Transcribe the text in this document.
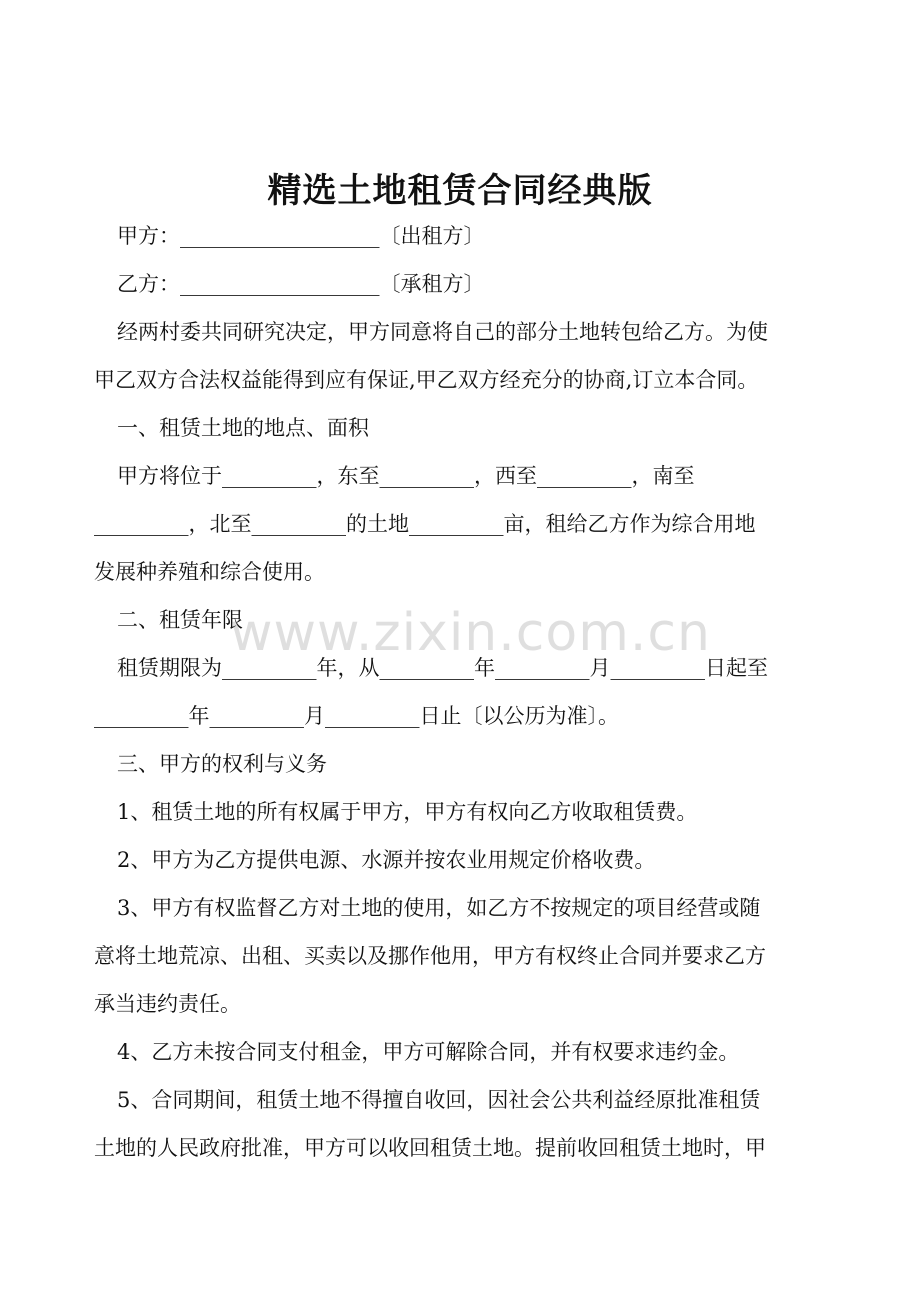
精选土地租赁合同经典版
甲方：___________________〔出租方〕
乙方：___________________〔承租方〕
经两村委共同研究决定，甲方同意将自己的部分土地转包给乙方。为使
甲乙双方合法权益能得到应有保证,甲乙双方经充分的协商,订立本合同。
一、租赁土地的地点、面积
甲方将位于_________，东至_________，西至_________，南至
_________，北至_________的土地_________亩，租给乙方作为综合用地
发展种养殖和综合使用。
二、租赁年限
租赁期限为_________年，从_________年_________月_________日起至
_________年_________月_________日止〔以公历为准〕。
三、甲方的权利与义务
1、租赁土地的所有权属于甲方，甲方有权向乙方收取租赁费。
2、甲方为乙方提供电源、水源并按农业用规定价格收费。
3、甲方有权监督乙方对土地的使用，如乙方不按规定的项目经营或随
意将土地荒凉、出租、买卖以及挪作他用，甲方有权终止合同并要求乙方
承当违约责任。
4、乙方未按合同支付租金，甲方可解除合同，并有权要求违约金。
5、合同期间，租赁土地不得擅自收回，因社会公共利益经原批准租赁
土地的人民政府批准，甲方可以收回租赁土地。提前收回租赁土地时，甲
www.zixin.com.cn
